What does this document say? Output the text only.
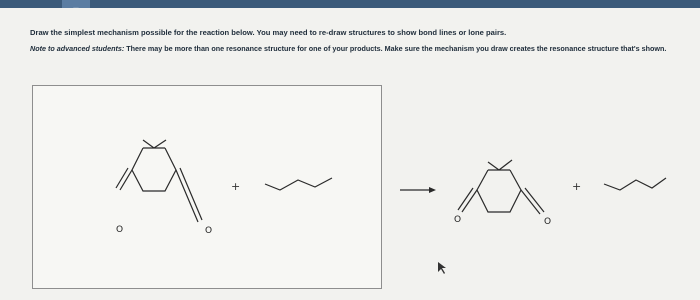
Draw the simplest mechanism possible for the reaction below. You may need to re-draw structures to show bond lines or lone pairs.
Note to advanced students: There may be more than one resonance structure for one of your products. Make sure the mechanism you draw creates the resonance structure that's shown.
O	O
+
O	O
+
